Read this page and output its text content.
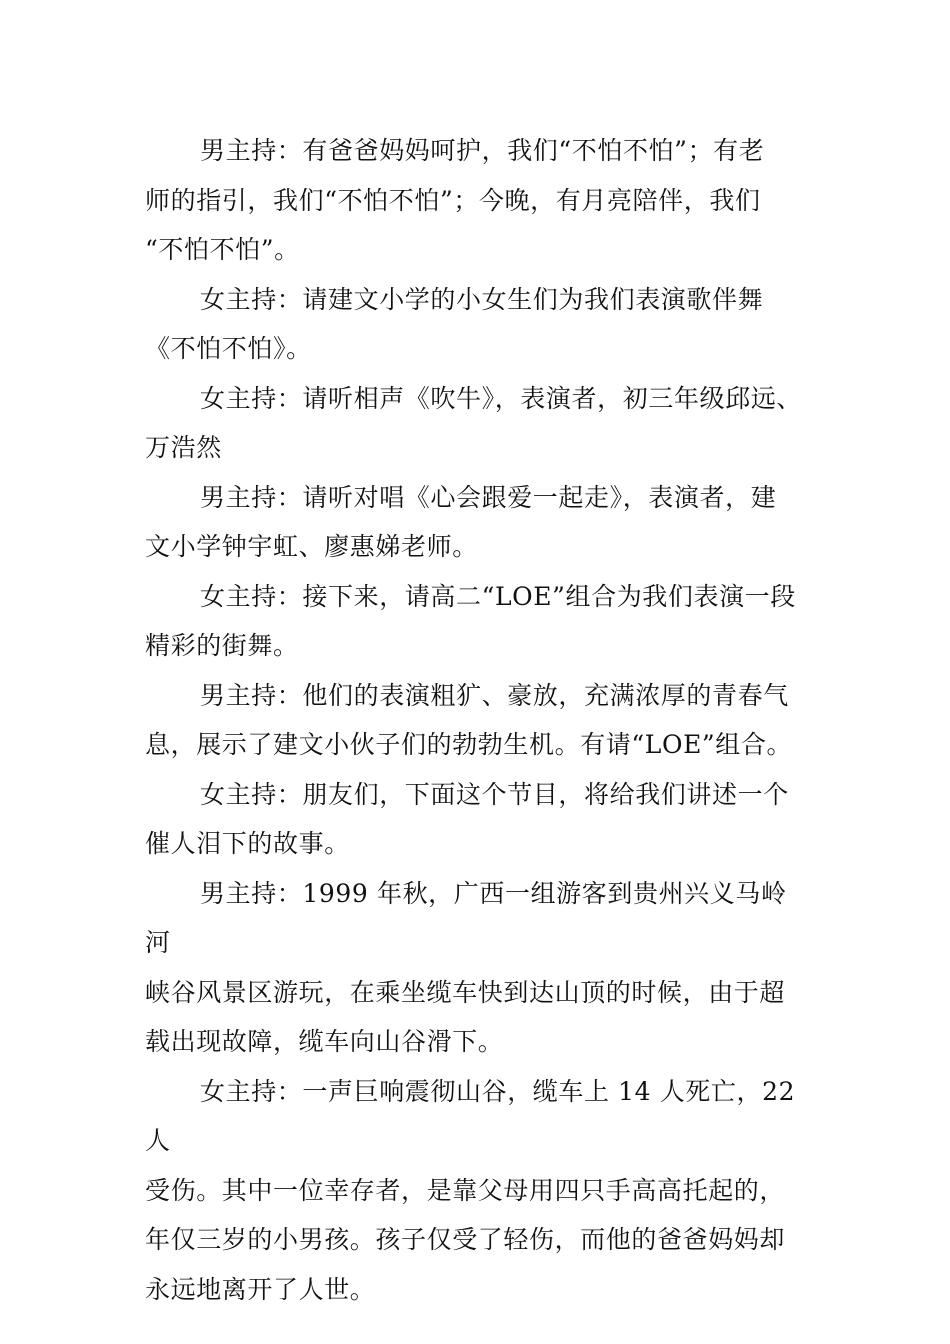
男主持：有爸爸妈妈呵护，我们“不怕不怕”；有老
师的指引，我们“不怕不怕”；今晚，有月亮陪伴，我们
“不怕不怕”。

女主持：请建文小学的小女生们为我们表演歌伴舞
《不怕不怕》。

女主持：请听相声《吹牛》，表演者，初三年级邱远、
万浩然

男主持：请听对唱《心会跟爱一起走》，表演者，建
文小学钟宇虹、廖惠娣老师。

女主持：接下来，请高二“LOE”组合为我们表演一段
精彩的街舞。

男主持：他们的表演粗犷、豪放，充满浓厚的青春气
息，展示了建文小伙子们的勃勃生机。有请“LOE”组合。

女主持：朋友们，下面这个节目，将给我们讲述一个
催人泪下的故事。

男主持：1999 年秋，广西一组游客到贵州兴义马岭河
峡谷风景区游玩，在乘坐缆车快到达山顶的时候，由于超
载出现故障，缆车向山谷滑下。

女主持：一声巨响震彻山谷，缆车上 14 人死亡，22 人
受伤。其中一位幸存者，是靠父母用四只手高高托起的，
年仅三岁的小男孩。孩子仅受了轻伤，而他的爸爸妈妈却
永远地离开了人世。
